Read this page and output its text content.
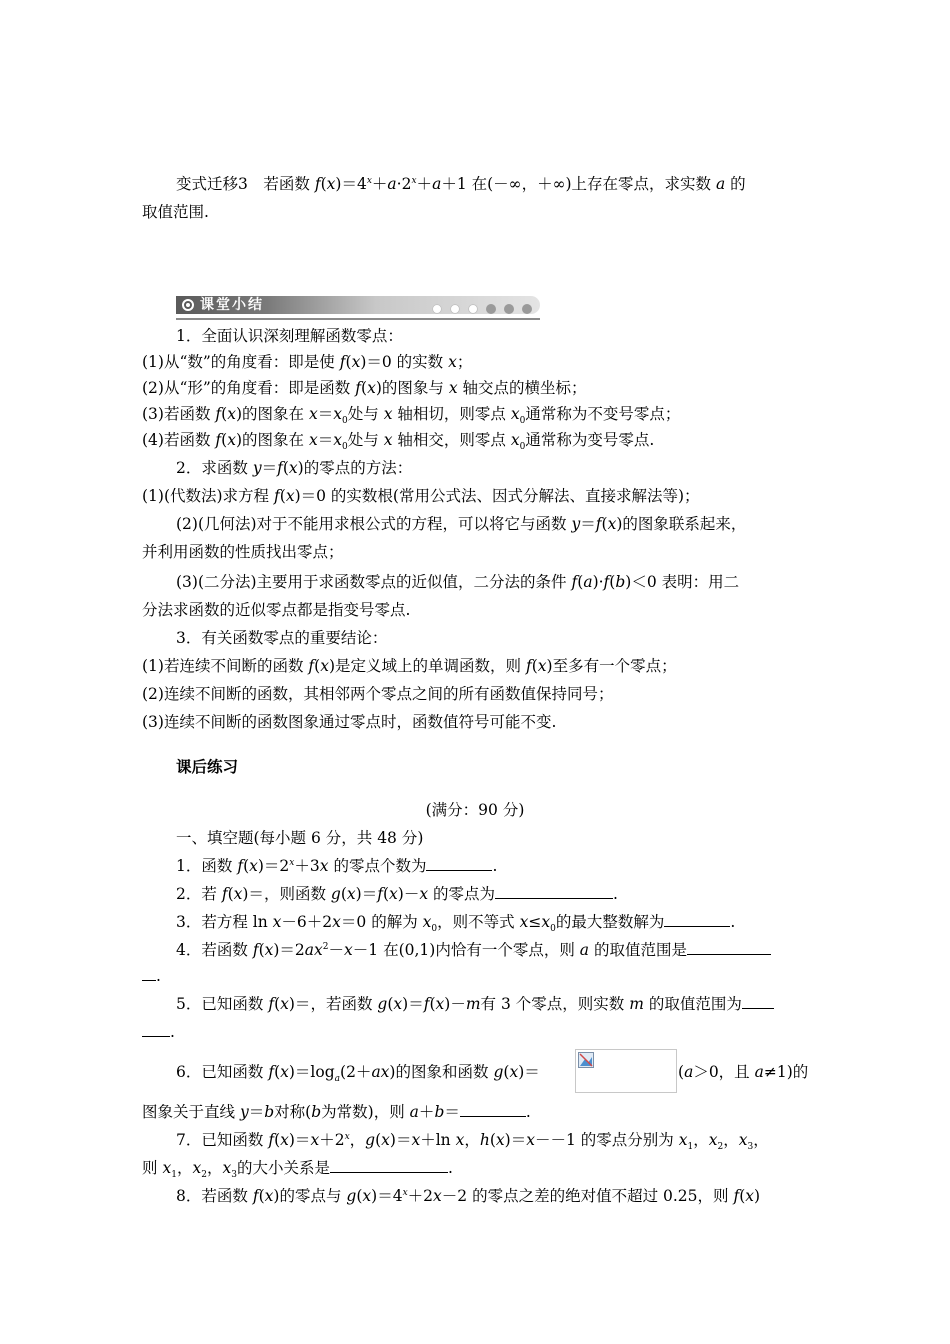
变式迁移3　 若函数 $f(x)=4^x+a\cdot 2^x+a+1$ 在(－∞，＋∞)上存在零点，求实数 a 的
取值范围.
课堂小结
1．全面认识深刻理解函数零点：
(1)从“数”的角度看：即是使 f(x)＝0 的实数 x；
(2)从“形”的角度看：即是函数 f(x)的图象与 x 轴交点的横坐标；
(3)若函数 f(x)的图象在 $x=x_0$处与 x 轴相切，则零点 $x_0$通常称为不变号零点；
(4)若函数 f(x)的图象在 $x=x_0$处与 x 轴相交，则零点 $x_0$通常称为变号零点.
2．求函数 y＝f(x)的零点的方法：
(1)(代数法)求方程 f(x)＝0 的实数根(常用公式法、因式分解法、直接求解法等)；
(2)(几何法)对于不能用求根公式的方程，可以将它与函数 y＝f(x)的图象联系起来，
并利用函数的性质找出零点；
(3)(二分法)主要用于求函数零点的近似值，二分法的条件 f(a)·f(b)＜0 表明：用二
分法求函数的近似零点都是指变号零点.
3．有关函数零点的重要结论：
(1)若连续不间断的函数 f(x)是定义域上的单调函数，则 f(x)至多有一个零点；
(2)连续不间断的函数，其相邻两个零点之间的所有函数值保持同号；
(3)连续不间断的函数图象通过零点时，函数值符号可能不变.
课后练习
(满分：90 分)
一、填空题(每小题 6 分，共 48 分)
1．函数 $f(x)=2^x+3x$ 的零点个数为	.
2．若 f(x)＝，则函数 g(x)＝f(x)－x 的零点为	.
3．若方程 ln x－6＋2x＝0 的解为 $x_0$，则不等式 $x\le x_0$的最大整数解为	.
4．若函数 $f(x)=2ax^2-x-1$ 在(0,1)内恰有一个零点，则 a 的取值范围是
.
5．已知函数 f(x)＝，若函数 g(x)＝f(x)－m有 3 个零点，则实数 m 的取值范围为
.
6．已知函数 $f(x)=\log_a(2+ax)$的图象和函数 g(x)＝	(a＞0，且 a≠1)的
图象关于直线 y＝b对称(b为常数)，则 a＋b＝	.
7．已知函数 $f(x)=x+2^x$，g(x)＝x＋ln x，h(x)＝x－－1 的零点分别为 $x_1$，$x_2$，$x_3$，
则 $x_1$，$x_2$，$x_3$的大小关系是	.
8．若函数 f(x)的零点与 $g(x)=4^x+2x-2$ 的零点之差的绝对值不超过 0.25，则 f(x)
